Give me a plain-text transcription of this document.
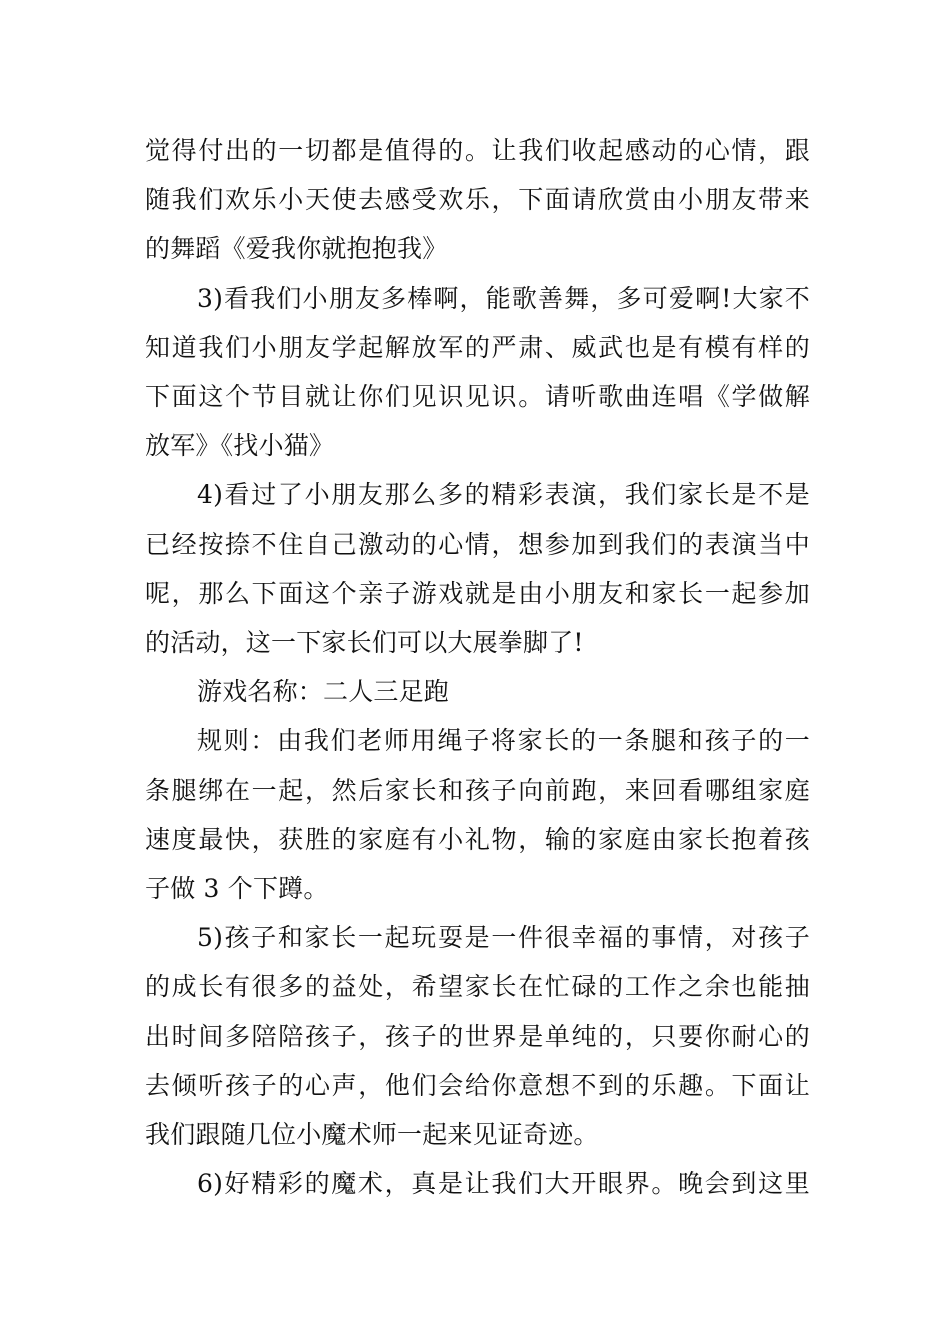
觉得付出的一切都是值得的。让我们收起感动的心情，跟
随我们欢乐小天使去感受欢乐，下面请欣赏由小朋友带来
的舞蹈《爱我你就抱抱我》
3)看我们小朋友多棒啊，能歌善舞，多可爱啊!大家不
知道我们小朋友学起解放军的严肃、威武也是有模有样的
下面这个节目就让你们见识见识。请听歌曲连唱《学做解
放军》《找小猫》
4)看过了小朋友那么多的精彩表演，我们家长是不是
已经按捺不住自己激动的心情，想参加到我们的表演当中
呢，那么下面这个亲子游戏就是由小朋友和家长一起参加
的活动，这一下家长们可以大展拳脚了!
游戏名称：二人三足跑
规则：由我们老师用绳子将家长的一条腿和孩子的一
条腿绑在一起，然后家长和孩子向前跑，来回看哪组家庭
速度最快，获胜的家庭有小礼物，输的家庭由家长抱着孩
子做 3 个下蹲。
5)孩子和家长一起玩耍是一件很幸福的事情，对孩子
的成长有很多的益处，希望家长在忙碌的工作之余也能抽
出时间多陪陪孩子，孩子的世界是单纯的，只要你耐心的
去倾听孩子的心声，他们会给你意想不到的乐趣。下面让
我们跟随几位小魔术师一起来见证奇迹。
6)好精彩的魔术，真是让我们大开眼界。晚会到这里
